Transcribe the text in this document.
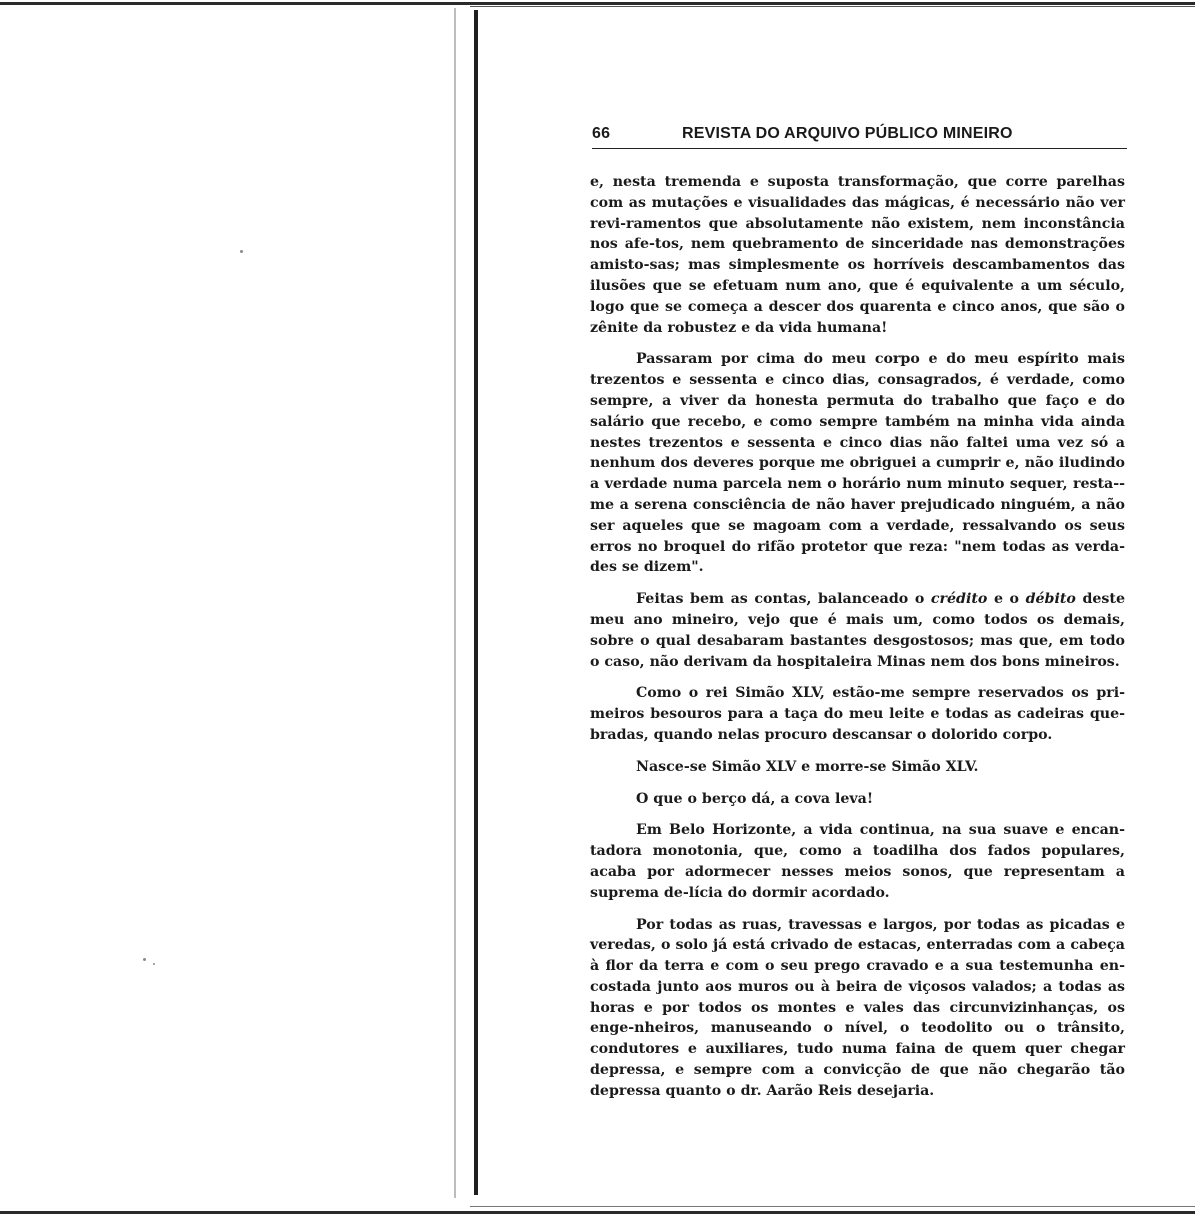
66	REVISTA DO ARQUIVO PÚBLICO MINEIRO

e, nesta tremenda e suposta transformação, que corre parelhas com as mutações e visualidades das mágicas, é necessário não ver revi-ramentos que absolutamente não existem, nem inconstância nos afe-tos, nem quebramento de sinceridade nas demonstrações amisto-sas; mas simplesmente os horríveis descambamentos das ilusões que se efetuam num ano, que é equivalente a um século, logo que se começa a descer dos quarenta e cinco anos, que são o zênite da robustez e da vida humana!

Passaram por cima do meu corpo e do meu espírito mais trezentos e sessenta e cinco dias, consagrados, é verdade, como sempre, a viver da honesta permuta do trabalho que faço e do salário que recebo, e como sempre também na minha vida ainda nestes trezentos e sessenta e cinco dias não faltei uma vez só a nenhum dos deveres porque me obriguei a cumprir e, não iludindo a verdade numa parcela nem o horário num minuto sequer, resta--me a serena consciência de não haver prejudicado ninguém, a não ser aqueles que se magoam com a verdade, ressalvando os seus erros no broquel do rifão protetor que reza: "nem todas as verda-des se dizem".

Feitas bem as contas, balanceado o crédito e o débito deste meu ano mineiro, vejo que é mais um, como todos os demais, sobre o qual desabaram bastantes desgostosos; mas que, em todo o caso, não derivam da hospitaleira Minas nem dos bons mineiros.

Como o rei Simão XLV, estão-me sempre reservados os pri-meiros besouros para a taça do meu leite e todas as cadeiras que-bradas, quando nelas procuro descansar o dolorido corpo.

Nasce-se Simão XLV e morre-se Simão XLV.

O que o berço dá, a cova leva!

Em Belo Horizonte, a vida continua, na sua suave e encan-tadora monotonia, que, como a toadilha dos fados populares, acaba por adormecer nesses meios sonos, que representam a suprema de-lícia do dormir acordado.

Por todas as ruas, travessas e largos, por todas as picadas e veredas, o solo já está crivado de estacas, enterradas com a cabeça à flor da terra e com o seu prego cravado e a sua testemunha en-costada junto aos muros ou à beira de viçosos valados; a todas as horas e por todos os montes e vales das circunvizinhanças, os enge-nheiros, manuseando o nível, o teodolito ou o trânsito, condutores e auxiliares, tudo numa faina de quem quer chegar depressa, e sempre com a convicção de que não chegarão tão depressa quanto o dr. Aarão Reis desejaria.
